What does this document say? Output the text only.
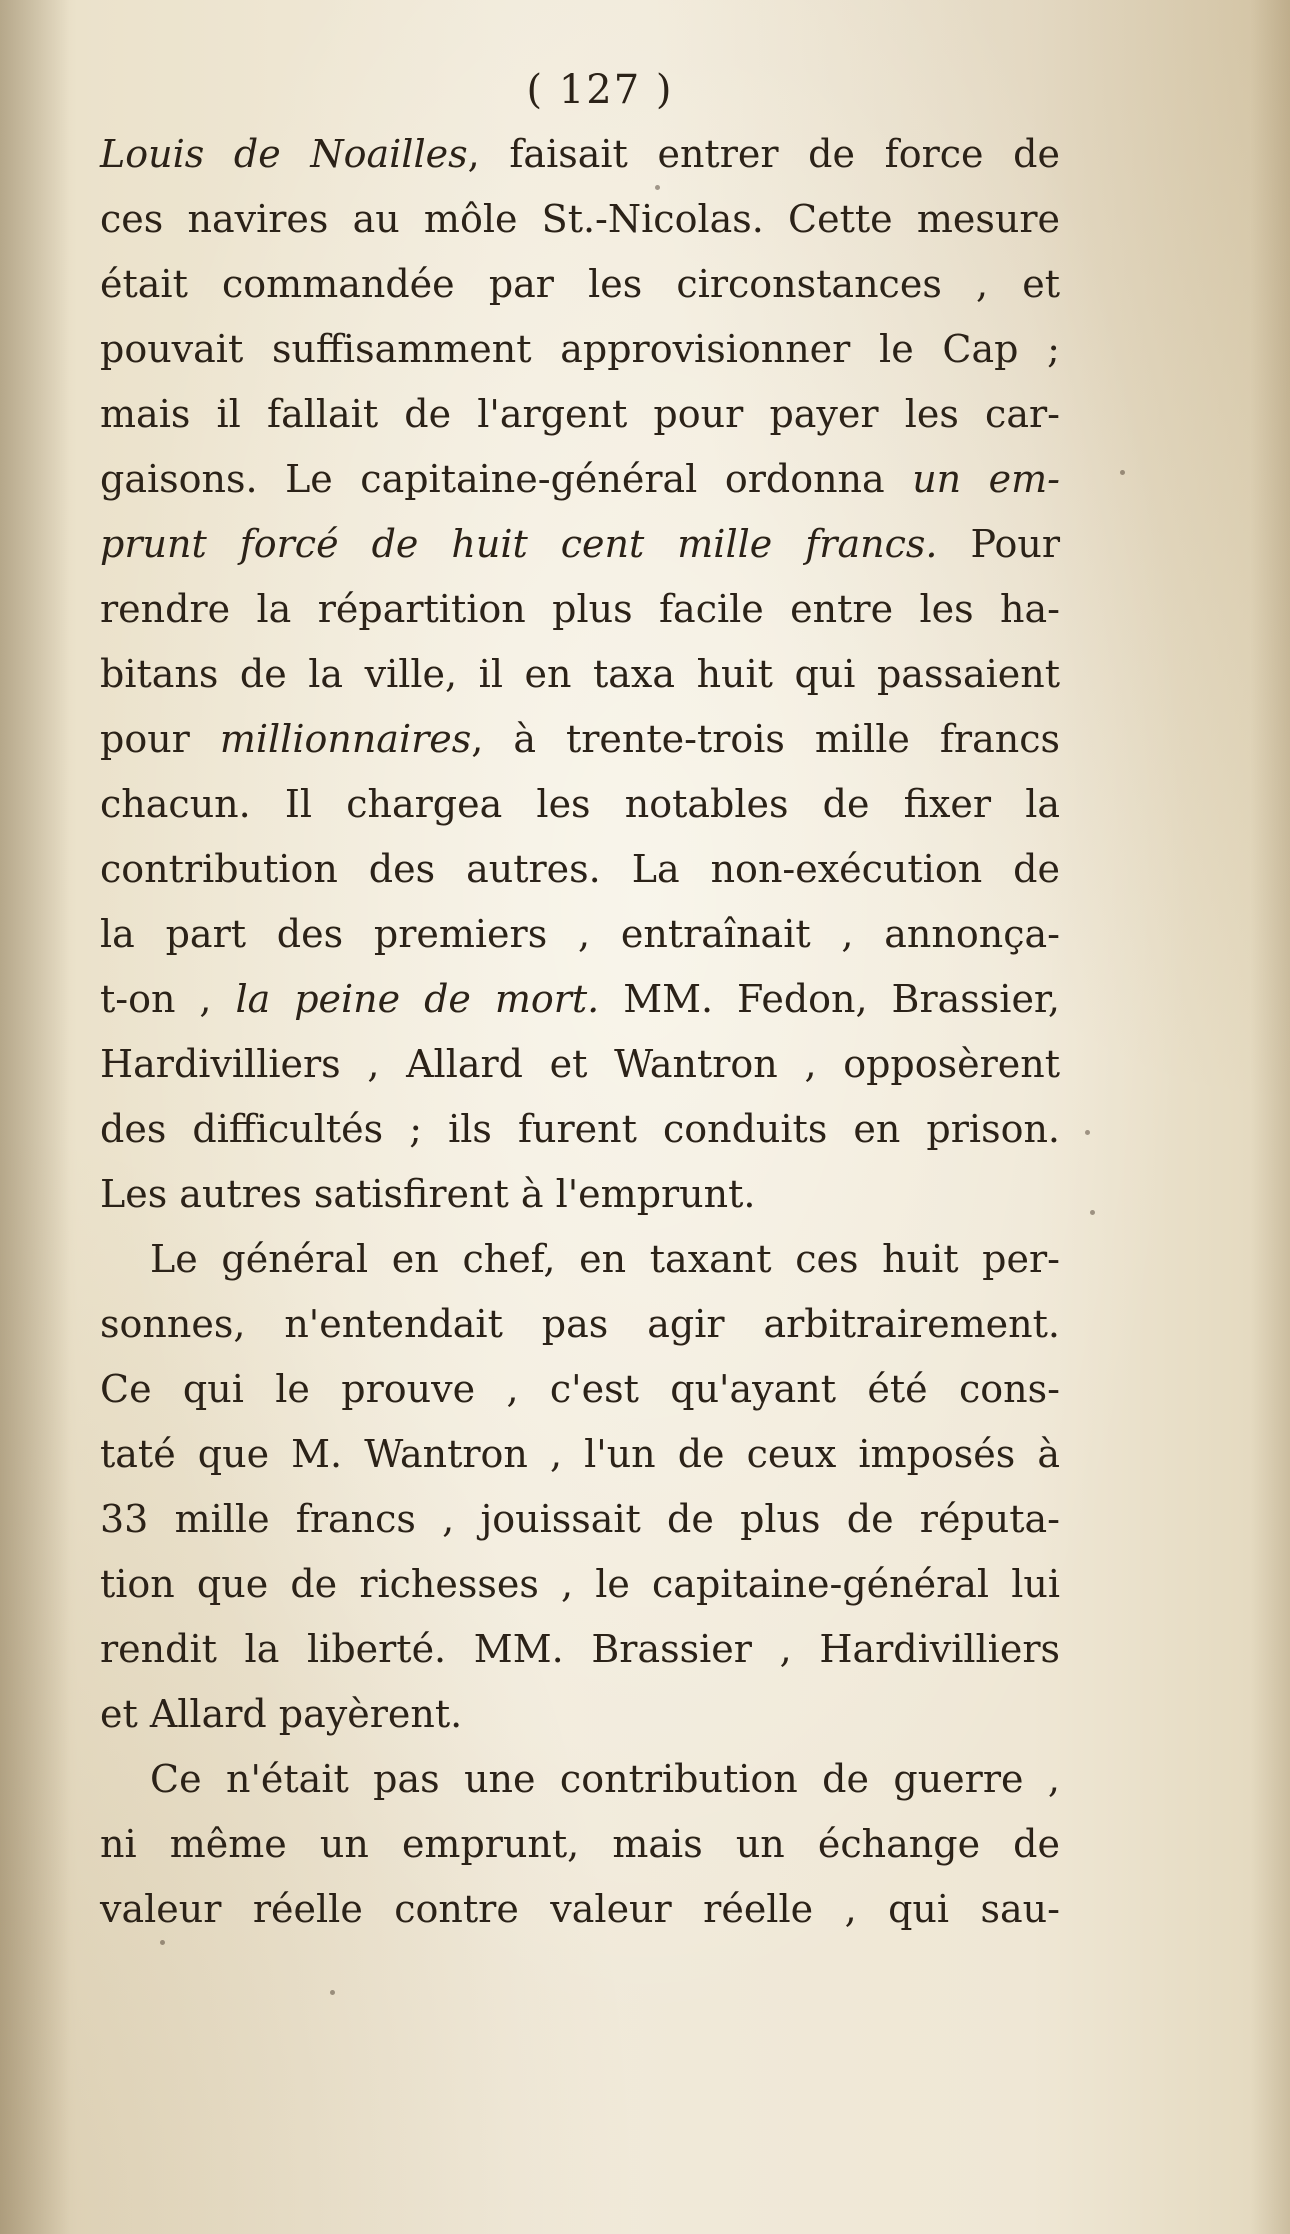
( 127 )
Louis de Noailles, faisait entrer de force de
ces navires au môle St.-Nicolas. Cette mesure
était commandée par les circonstances , et
pouvait suffisamment approvisionner le Cap ;
mais il fallait de l'argent pour payer les car-
gaisons. Le capitaine-général ordonna un em-
prunt forcé de huit cent mille francs. Pour
rendre la répartition plus facile entre les ha-
bitans de la ville, il en taxa huit qui passaient
pour millionnaires, à trente-trois mille francs
chacun. Il chargea les notables de fixer la
contribution des autres. La non-exécution de
la part des premiers , entraînait , annonça-
t-on , la peine de mort. MM. Fedon, Brassier,
Hardivilliers , Allard et Wantron , opposèrent
des difficultés ; ils furent conduits en prison.
Les autres satisfirent à l'emprunt.
Le général en chef, en taxant ces huit per-
sonnes, n'entendait pas agir arbitrairement.
Ce qui le prouve , c'est qu'ayant été cons-
taté que M. Wantron , l'un de ceux imposés à
33 mille francs , jouissait de plus de réputa-
tion que de richesses , le capitaine-général lui
rendit la liberté. MM. Brassier , Hardivilliers
et Allard payèrent.
Ce n'était pas une contribution de guerre ,
ni même un emprunt, mais un échange de
valeur réelle contre valeur réelle , qui sau-
